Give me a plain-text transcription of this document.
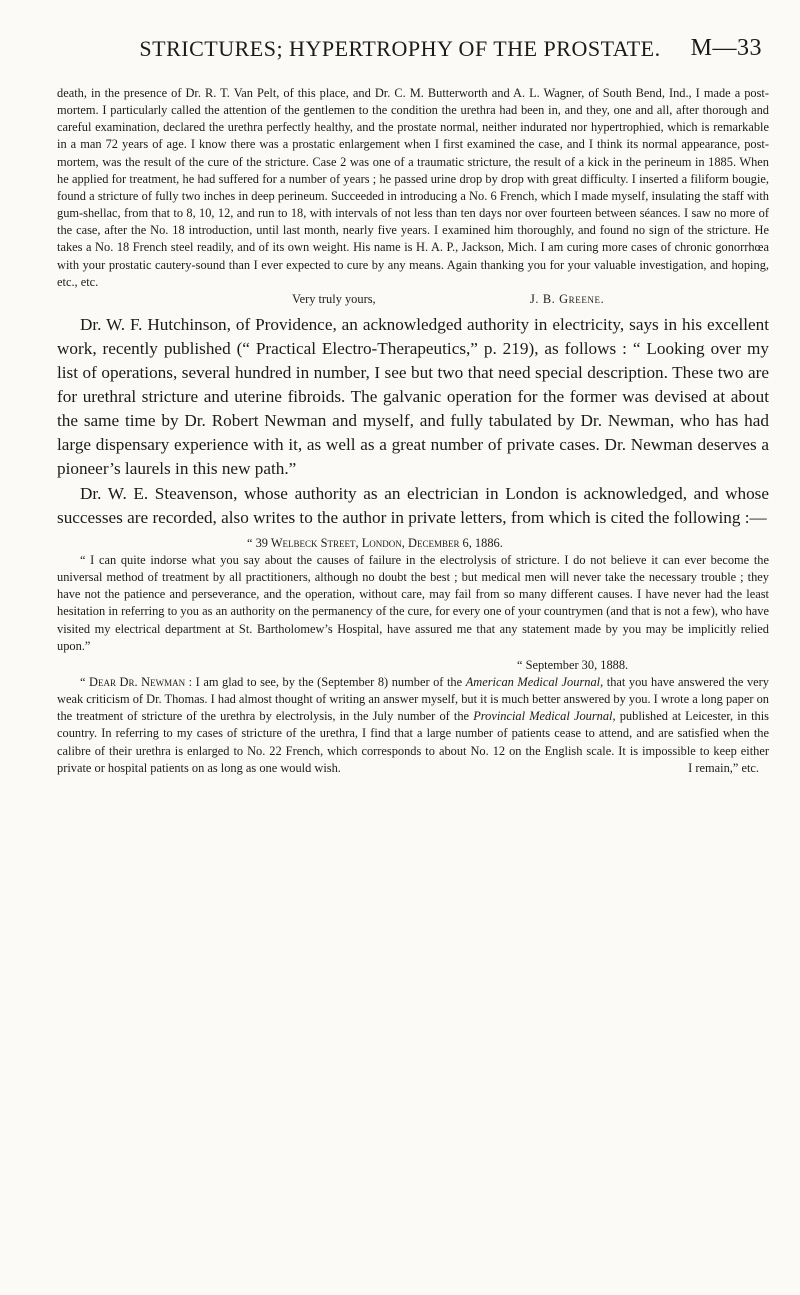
STRICTURES; HYPERTROPHY OF THE PROSTATE.	M—33

death, in the presence of Dr. R. T. Van Pelt, of this place, and Dr. C. M. Butterworth and A. L. Wagner, of South Bend, Ind., I made a post-mortem. I particularly called the attention of the gentlemen to the condition the urethra had been in, and they, one and all, after thorough and careful examination, declared the urethra perfectly healthy, and the prostate normal, neither indurated nor hypertrophied, which is remarkable in a man 72 years of age. I know there was a prostatic enlargement when I first examined the case, and I think its normal appearance, post-mortem, was the result of the cure of the stricture. Case 2 was one of a traumatic stricture, the result of a kick in the perineum in 1885. When he applied for treatment, he had suffered for a number of years ; he passed urine drop by drop with great difficulty. I inserted a filiform bougie, found a stricture of fully two inches in deep perineum. Succeeded in introducing a No. 6 French, which I made myself, insulating the staff with gum-shellac, from that to 8, 10, 12, and run to 18, with intervals of not less than ten days nor over fourteen between séances. I saw no more of the case, after the No. 18 introduction, until last month, nearly five years. I examined him thoroughly, and found no sign of the stricture. He takes a No. 18 French steel readily, and of its own weight. His name is H. A. P., Jackson, Mich. I am curing more cases of chronic gonorrhœa with your prostatic cautery-sound than I ever expected to cure by any means. Again thanking you for your valuable investigation, and hoping, etc., etc.

Very truly yours,	J. B. Greene.

Dr. W. F. Hutchinson, of Providence, an acknowledged authority in electricity, says in his excellent work, recently published (“ Practical Electro-Therapeutics,” p. 219), as follows : “ Looking over my list of operations, several hundred in number, I see but two that need special description. These two are for urethral stricture and uterine fibroids. The galvanic operation for the former was devised at about the same time by Dr. Robert Newman and myself, and fully tabulated by Dr. Newman, who has had large dispensary experience with it, as well as a great number of private cases. Dr. Newman deserves a pioneer’s laurels in this new path.”

Dr. W. E. Steavenson, whose authority as an electrician in London is acknowledged, and whose successes are recorded, also writes to the author in private letters, from which is cited the following :—

“ 39 Welbeck Street, London, December 6, 1886.

“ I can quite indorse what you say about the causes of failure in the electrolysis of stricture. I do not believe it can ever become the universal method of treatment by all practitioners, although no doubt the best ; but medical men will never take the necessary trouble ; they have not the patience and perseverance, and the operation, without care, may fail from so many different causes. I have never had the least hesitation in referring to you as an authority on the permanency of the cure, for every one of your countrymen (and that is not a few), who have visited my electrical department at St. Bartholomew’s Hospital, have assured me that any statement made by you may be implicitly relied upon.”

“ September 30, 1888.

“ Dear Dr. Newman : I am glad to see, by the (September 8) number of the American Medical Journal, that you have answered the very weak criticism of Dr. Thomas. I had almost thought of writing an answer myself, but it is much better answered by you. I wrote a long paper on the treatment of stricture of the urethra by electrolysis, in the July number of the Provincial Medical Journal, published at Leicester, in this country. In referring to my cases of stricture of the urethra, I find that a large number of patients cease to attend, and are satisfied when the calibre of their urethra is enlarged to No. 22 French, which corresponds to about No. 12 on the English scale. It is impossible to keep either private or hospital patients on as long as one would wish.	I remain,” etc.
